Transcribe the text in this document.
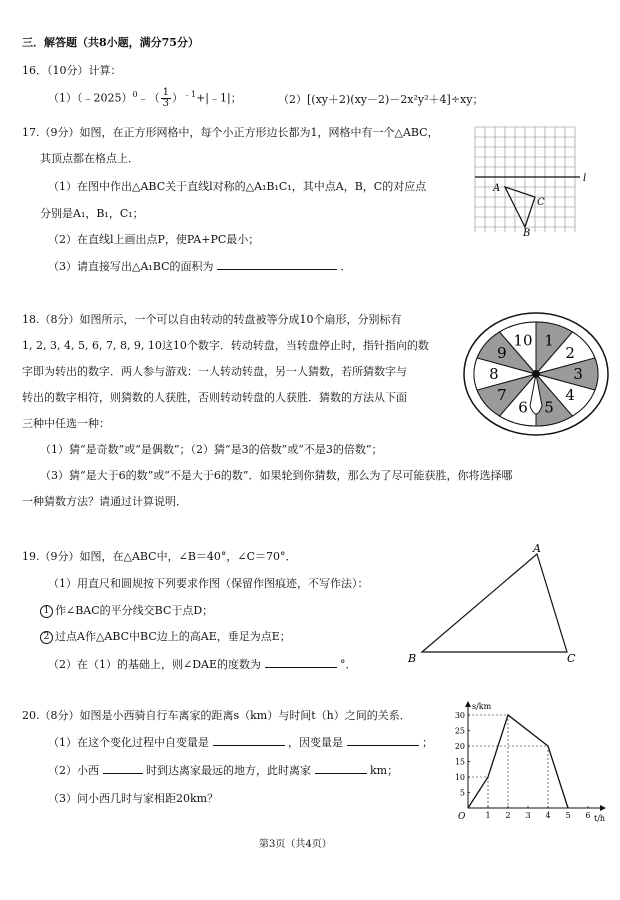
三．解答题（共8小题，满分75分）
16．（10分）计算：
（1）（﹣2025）$^0$﹣（ $\frac{1}{3}$ ）$^{﹣1}$+|﹣1|；	（2）[(xy＋2)(xy－2)－2x²y²＋4]÷xy；
17.（9分）如图，在正方形网格中，每个小正方形边长都为1，网格中有一个△ABC，
其顶点都在格点上．
（1）在图中作出△ABC关于直线l对称的△A₁B₁C₁，其中点A，B，C的对应点
分别是A₁，B₁，C₁；
（2）在直线l上画出点P，使PA+PC最小；
（3）请直接写出△A₁BC的面积为	．
l
A
C
B
18.（8分）如图所示，一个可以自由转动的转盘被等分成10个扇形，分别标有
1, 2, 3, 4, 5, 6, 7, 8, 9, 10这10个数字．转动转盘，当转盘停止时，指针指向的数
字即为转出的数字．两人参与游戏：一人转动转盘，另一人猜数，若所猜数字与
转出的数字相符，则猜数的人获胜，否则转动转盘的人获胜．猜数的方法从下面
三种中任选一种：
（1）猜“是奇数”或“是偶数”；（2）猜“是3的倍数”或“不是3的倍数”；
（3）猜“是大于6的数”或“不是大于6的数”．如果轮到你猜数，那么为了尽可能获胜，你将选择哪
一种猜数方法？请通过计算说明．
1
2
3
4
5
6
7
8
9
10
19.（9分）如图，在△ABC中，∠B＝40°，∠C＝70°．
（1）用直尺和圆规按下列要求作图（保留作图痕迹，不写作法）：
1 作∠BAC的平分线交BC于点D；
2 过点A作△ABC中BC边上的高AE，垂足为点E；
（2）在（1）的基础上，则∠DAE的度数为	°．
A
B	C
20.（8分）如图是小西骑自行车离家的距离s（km）与时间t（h）之间的关系．
（1）在这个变化过程中自变量是	，因变量是	；
（2）小西	时到达离家最远的地方，此时离家	km；
（3）问小西几时与家相距20km？
s/km
t/h
O	1 2 3 4 5 6
5
10
15
20
25
30
第3页（共4页）
